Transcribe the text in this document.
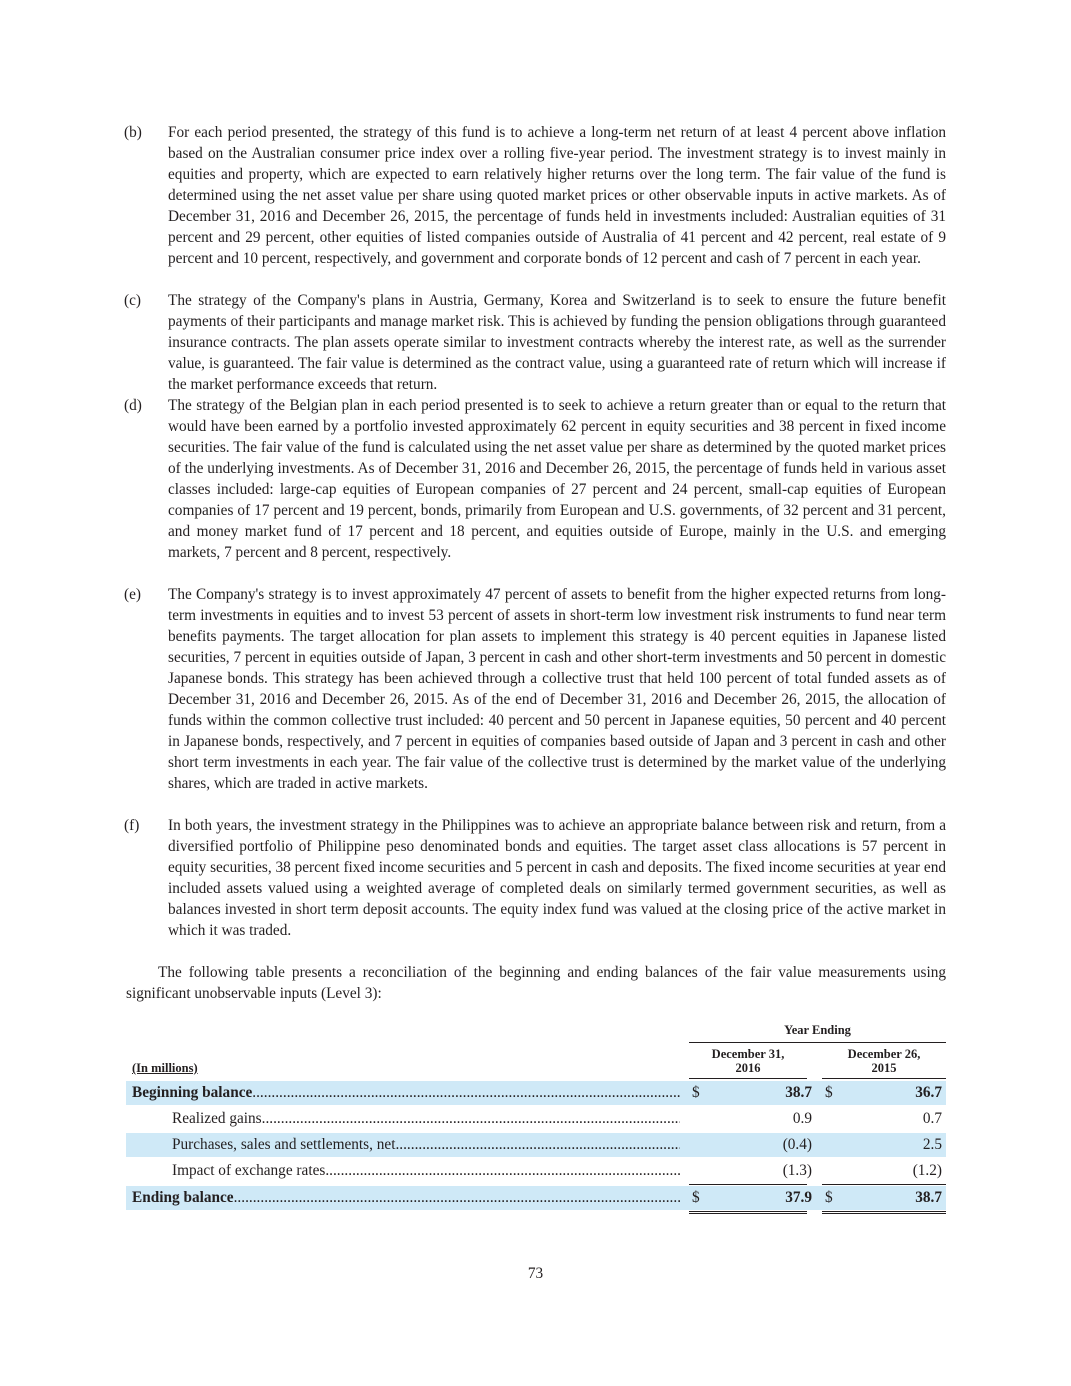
(b) For each period presented, the strategy of this fund is to achieve a long-term net return of at least 4 percent above inflation based on the Australian consumer price index over a rolling five-year period. The investment strategy is to invest mainly in equities and property, which are expected to earn relatively higher returns over the long term. The fair value of the fund is determined using the net asset value per share using quoted market prices or other observable inputs in active markets. As of December 31, 2016 and December 26, 2015, the percentage of funds held in investments included: Australian equities of 31 percent and 29 percent, other equities of listed companies outside of Australia of 41 percent and 42 percent, real estate of 9 percent and 10 percent, respectively, and government and corporate bonds of 12 percent and cash of 7 percent in each year.
(c) The strategy of the Company's plans in Austria, Germany, Korea and Switzerland is to seek to ensure the future benefit payments of their participants and manage market risk. This is achieved by funding the pension obligations through guaranteed insurance contracts. The plan assets operate similar to investment contracts whereby the interest rate, as well as the surrender value, is guaranteed. The fair value is determined as the contract value, using a guaranteed rate of return which will increase if the market performance exceeds that return.
(d) The strategy of the Belgian plan in each period presented is to seek to achieve a return greater than or equal to the return that would have been earned by a portfolio invested approximately 62 percent in equity securities and 38 percent in fixed income securities. The fair value of the fund is calculated using the net asset value per share as determined by the quoted market prices of the underlying investments. As of December 31, 2016 and December 26, 2015, the percentage of funds held in various asset classes included: large-cap equities of European companies of 27 percent and 24 percent, small-cap equities of European companies of 17 percent and 19 percent, bonds, primarily from European and U.S. governments, of 32 percent and 31 percent, and money market fund of 17 percent and 18 percent, and equities outside of Europe, mainly in the U.S. and emerging markets, 7 percent and 8 percent, respectively.
(e) The Company's strategy is to invest approximately 47 percent of assets to benefit from the higher expected returns from long-term investments in equities and to invest 53 percent of assets in short-term low investment risk instruments to fund near term benefits payments. The target allocation for plan assets to implement this strategy is 40 percent equities in Japanese listed securities, 7 percent in equities outside of Japan, 3 percent in cash and other short-term investments and 50 percent in domestic Japanese bonds. This strategy has been achieved through a collective trust that held 100 percent of total funded assets as of December 31, 2016 and December 26, 2015. As of the end of December 31, 2016 and December 26, 2015, the allocation of funds within the common collective trust included: 40 percent and 50 percent in Japanese equities, 50 percent and 40 percent in Japanese bonds, respectively, and 7 percent in equities of companies based outside of Japan and 3 percent in cash and other short term investments in each year. The fair value of the collective trust is determined by the market value of the underlying shares, which are traded in active markets.
(f) In both years, the investment strategy in the Philippines was to achieve an appropriate balance between risk and return, from a diversified portfolio of Philippine peso denominated bonds and equities. The target asset class allocations is 57 percent in equity securities, 38 percent fixed income securities and 5 percent in cash and deposits. The fixed income securities at year end included assets valued using a weighted average of completed deals on similarly termed government securities, as well as balances invested in short term deposit accounts. The equity index fund was valued at the closing price of the active market in which it was traded.
The following table presents a reconciliation of the beginning and ending balances of the fair value measurements using significant unobservable inputs (Level 3):
Year Ending
(In millions)
December 31,
2016
December 26,
2015
Beginning balance .....	$	38.7 $	36.7
Realized gains .....	0.9	0.7
Purchases, sales and settlements, net .....	(0.4)	2.5
Impact of exchange rates .....	(1.3)	(1.2)
Ending balance .....	$	37.9 $	38.7
73
